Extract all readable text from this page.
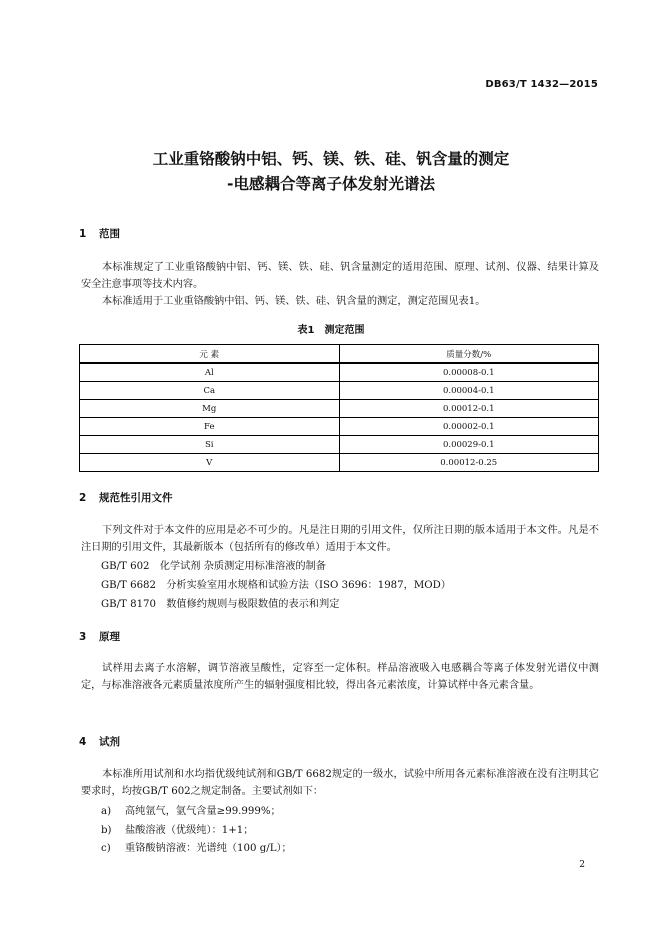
DB63/T 1432—2015
工业重铬酸钠中铝、钙、镁、铁、硅、钒含量的测定
-电感耦合等离子体发射光谱法
1 范围
本标准规定了工业重铬酸钠中铝、钙、镁、铁、硅、钒含量测定的适用范围、原理、试剂、仪器、结果计算及安全注意事项等技术内容。
本标准适用于工业重铬酸钠中铝、钙、镁、铁、硅、钒含量的测定，测定范围见表1。
表1　测定范围
元 素	质量分数/%
Al	0.00008-0.1
Ca	0.00004-0.1
Mg	0.00012-0.1
Fe	0.00002-0.1
Si	0.00029-0.1
V	0.00012-0.25
2 规范性引用文件
下列文件对于本文件的应用是必不可少的。凡是注日期的引用文件，仅所注日期的版本适用于本文件。凡是不注日期的引用文件，其最新版本（包括所有的修改单）适用于本文件。
GB/T 602　化学试剂 杂质测定用标准溶液的制备
GB/T 6682　分析实验室用水规格和试验方法（ISO 3696：1987，MOD）
GB/T 8170　数值修约规则与极限数值的表示和判定
3 原理
试样用去离子水溶解，调节溶液呈酸性，定容至一定体积。样品溶液吸入电感耦合等离子体发射光谱仪中测定，与标准溶液各元素质量浓度所产生的辐射强度相比较，得出各元素浓度，计算试样中各元素含量。
4 试剂
本标准所用试剂和水均指优级纯试剂和GB/T 6682规定的一级水，试验中所用各元素标准溶液在没有注明其它要求时，均按GB/T 602之规定制备。主要试剂如下：
a) 高纯氩气，氩气含量≥99.999%；
b) 盐酸溶液（优级纯）：1+1；
c) 重铬酸钠溶液：光谱纯（100 g/L）；
2
